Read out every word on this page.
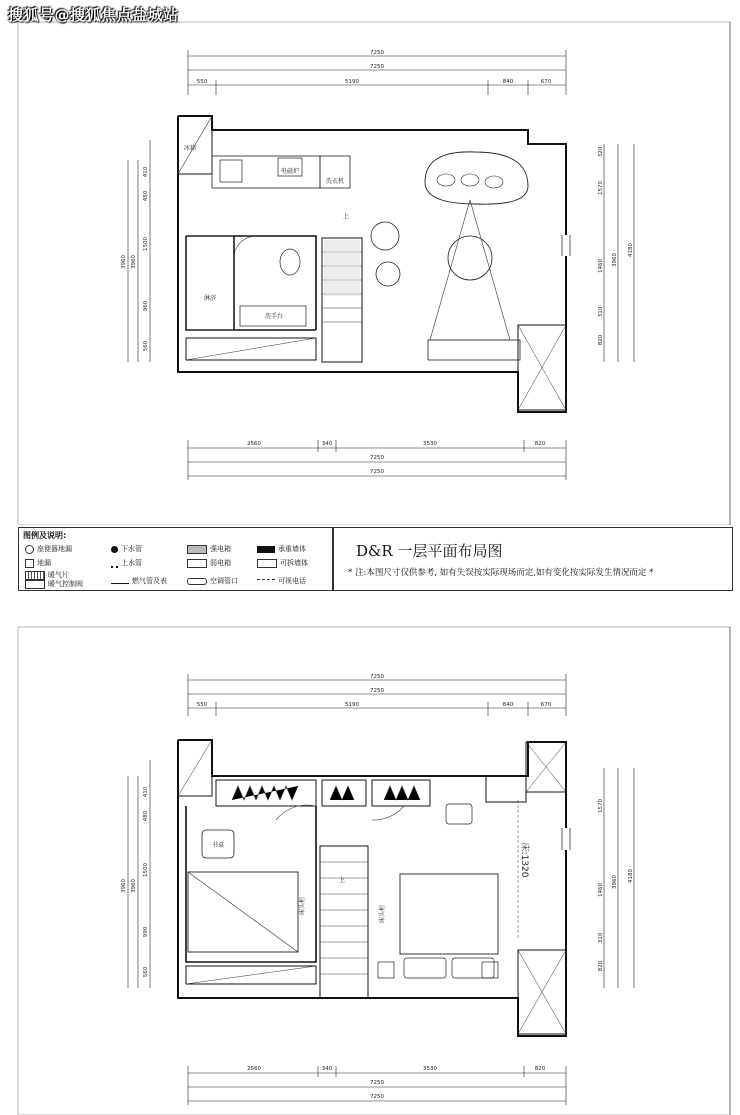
搜狐号@搜狐焦点盐城站
7250
7250
550	5190	840	670
洗衣机
电磁炉
冰箱
淋浴
洗手台
上
410
450
1500
3960 3960
960
560
320
1570
1460 3960
4180
310
820
2560	340	3530	820
7250
7250
图例及说明:
座便器地漏	下水管	强电箱	承重墙体
地漏	上水管	弱电箱	可拆墙体
暖气片
暖气控制阀	燃气管及表	空调管口	可视电话
D&R 一层平面布局图
* 注:本图尺寸仅供参考, 如有失误按实际现场而定,如有变化按实际发生情况而定 *
7250
7250
550	5190	840	670
书桌
床头柜
上
床头柜
床:1320
410
480
1500
3960 3960
990
560
1570
1460
3960 4180
310
820
2560	340	3530	820
7250
7250
